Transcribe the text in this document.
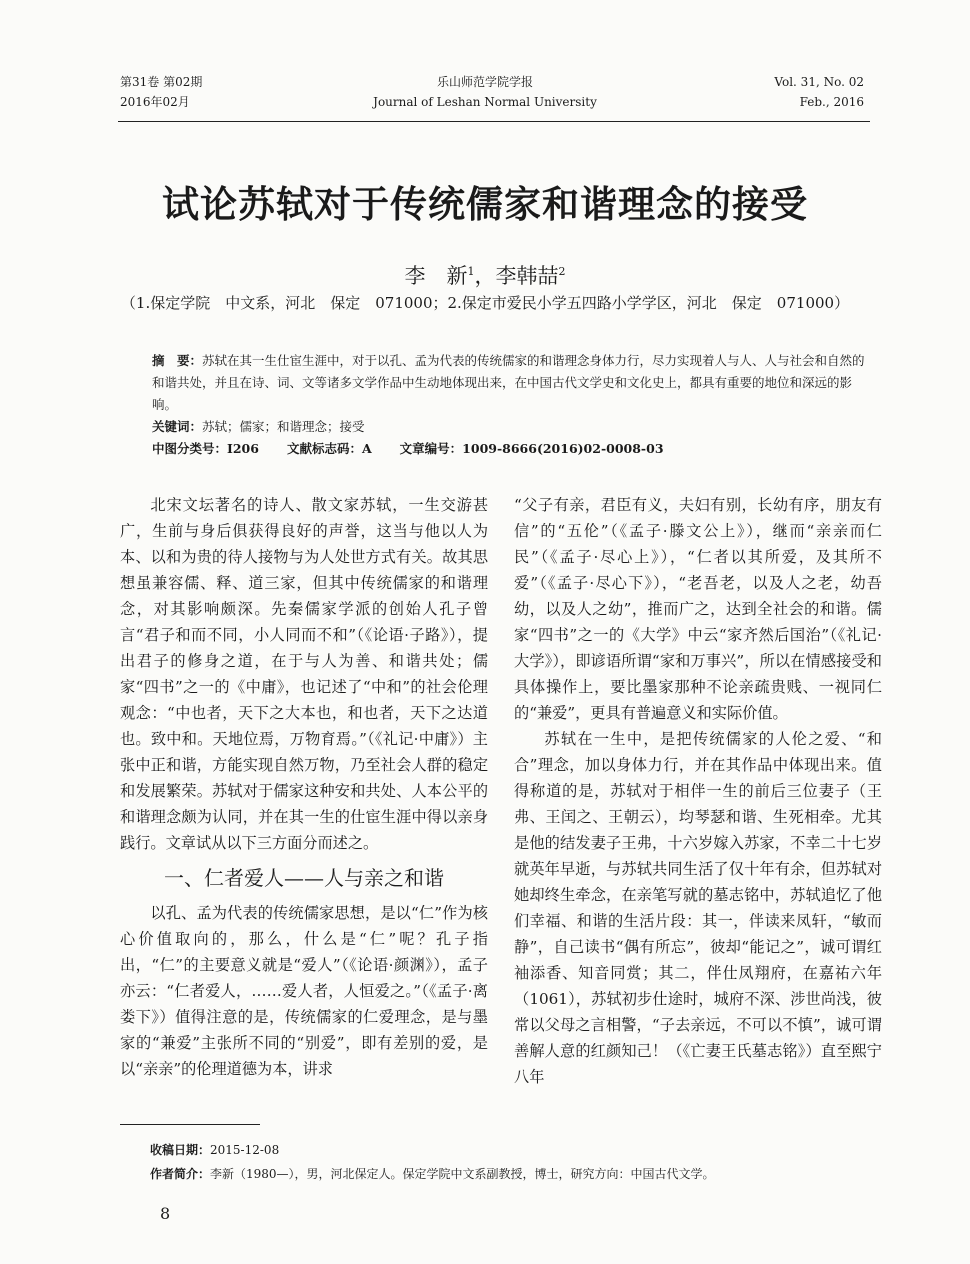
第31卷 第02期
2016年02月
乐山师范学院学报
Journal of Leshan Normal University
Vol. 31, No. 02
Feb., 2016
试论苏轼对于传统儒家和谐理念的接受
李　新$^1$，李韩喆$^2$
（1.保定学院　中文系，河北　保定　071000；2.保定市爱民小学五四路小学学区，河北　保定　071000）

摘　要：苏轼在其一生仕宦生涯中，对于以孔、孟为代表的传统儒家的和谐理念身体力行，尽力实现着人与人、人与社会和自然的和谐共处，并且在诗、词、文等诸多文学作品中生动地体现出来，在中国古代文学史和文化史上，都具有重要的地位和深远的影响。

关键词：苏轼；儒家；和谐理念；接受

中图分类号：I206 文献标志码：A 文章编号：1009-8666(2016)02-0008-03

北宋文坛著名的诗人、散文家苏轼，一生交游甚广，生前与身后俱获得良好的声誉，这当与他以人为本、以和为贵的待人接物与为人处世方式有关。故其思想虽兼容儒、释、道三家，但其中传统儒家的和谐理念，对其影响颇深。先秦儒家学派的创始人孔子曾言“君子和而不同，小人同而不和”（《论语·子路》），提出君子的修身之道，在于与人为善、和谐共处；儒家“四书”之一的《中庸》，也记述了“中和”的社会伦理观念：“中也者，天下之大本也，和也者，天下之达道也。致中和。天地位焉，万物育焉。”（《礼记·中庸》）主张中正和谐，方能实现自然万物，乃至社会人群的稳定和发展繁荣。苏轼对于儒家这种安和共处、人本公平的和谐理念颇为认同，并在其一生的仕宦生涯中得以亲身践行。文章试从以下三方面分而述之。

一、仁者爱人——人与亲之和谐

以孔、孟为代表的传统儒家思想，是以“仁”作为核心价值取向的，那么，什么是“仁”呢？孔子指出，“仁”的主要意义就是“爱人”（《论语·颜渊》），孟子亦云：“仁者爱人，……爱人者，人恒爱之。”（《孟子·离娄下》）值得注意的是，传统儒家的仁爱理念，是与墨家的“兼爱”主张所不同的“别爱”，即有差别的爱，是以“亲亲”的伦理道德为本，讲求

“父子有亲，君臣有义，夫妇有别，长幼有序，朋友有信”的“五伦”（《孟子·滕文公上》），继而“亲亲而仁民”（《孟子·尽心上》），“仁者以其所爱，及其所不爱”（《孟子·尽心下》），“老吾老，以及人之老，幼吾幼，以及人之幼”，推而广之，达到全社会的和谐。儒家“四书”之一的《大学》中云“家齐然后国治”（《礼记·大学》），即谚语所谓“家和万事兴”，所以在情感接受和具体操作上，要比墨家那种不论亲疏贵贱、一视同仁的“兼爱”，更具有普遍意义和实际价值。

苏轼在一生中，是把传统儒家的人伦之爱、“和合”理念，加以身体力行，并在其作品中体现出来。值得称道的是，苏轼对于相伴一生的前后三位妻子（王弗、王闰之、王朝云），均琴瑟和谐、生死相牵。尤其是他的结发妻子王弗，十六岁嫁入苏家，不幸二十七岁就英年早逝，与苏轼共同生活了仅十年有余，但苏轼对她却终生牵念，在亲笔写就的墓志铭中，苏轼追忆了他们幸福、和谐的生活片段：其一，伴读来凤轩，“敏而静”，自己读书“偶有所忘”，彼却“能记之”，诚可谓红袖添香、知音同赏；其二，伴仕凤翔府，在嘉祐六年（1061），苏轼初步仕途时，城府不深、涉世尚浅，彼常以父母之言相警，“子去亲远，不可以不慎”，诚可谓善解人意的红颜知己！（《亡妻王氏墓志铭》）直至熙宁八年

收稿日期：2015-12-08
作者简介：李新（1980—），男，河北保定人。保定学院中文系副教授，博士，研究方向：中国古代文学。
8
